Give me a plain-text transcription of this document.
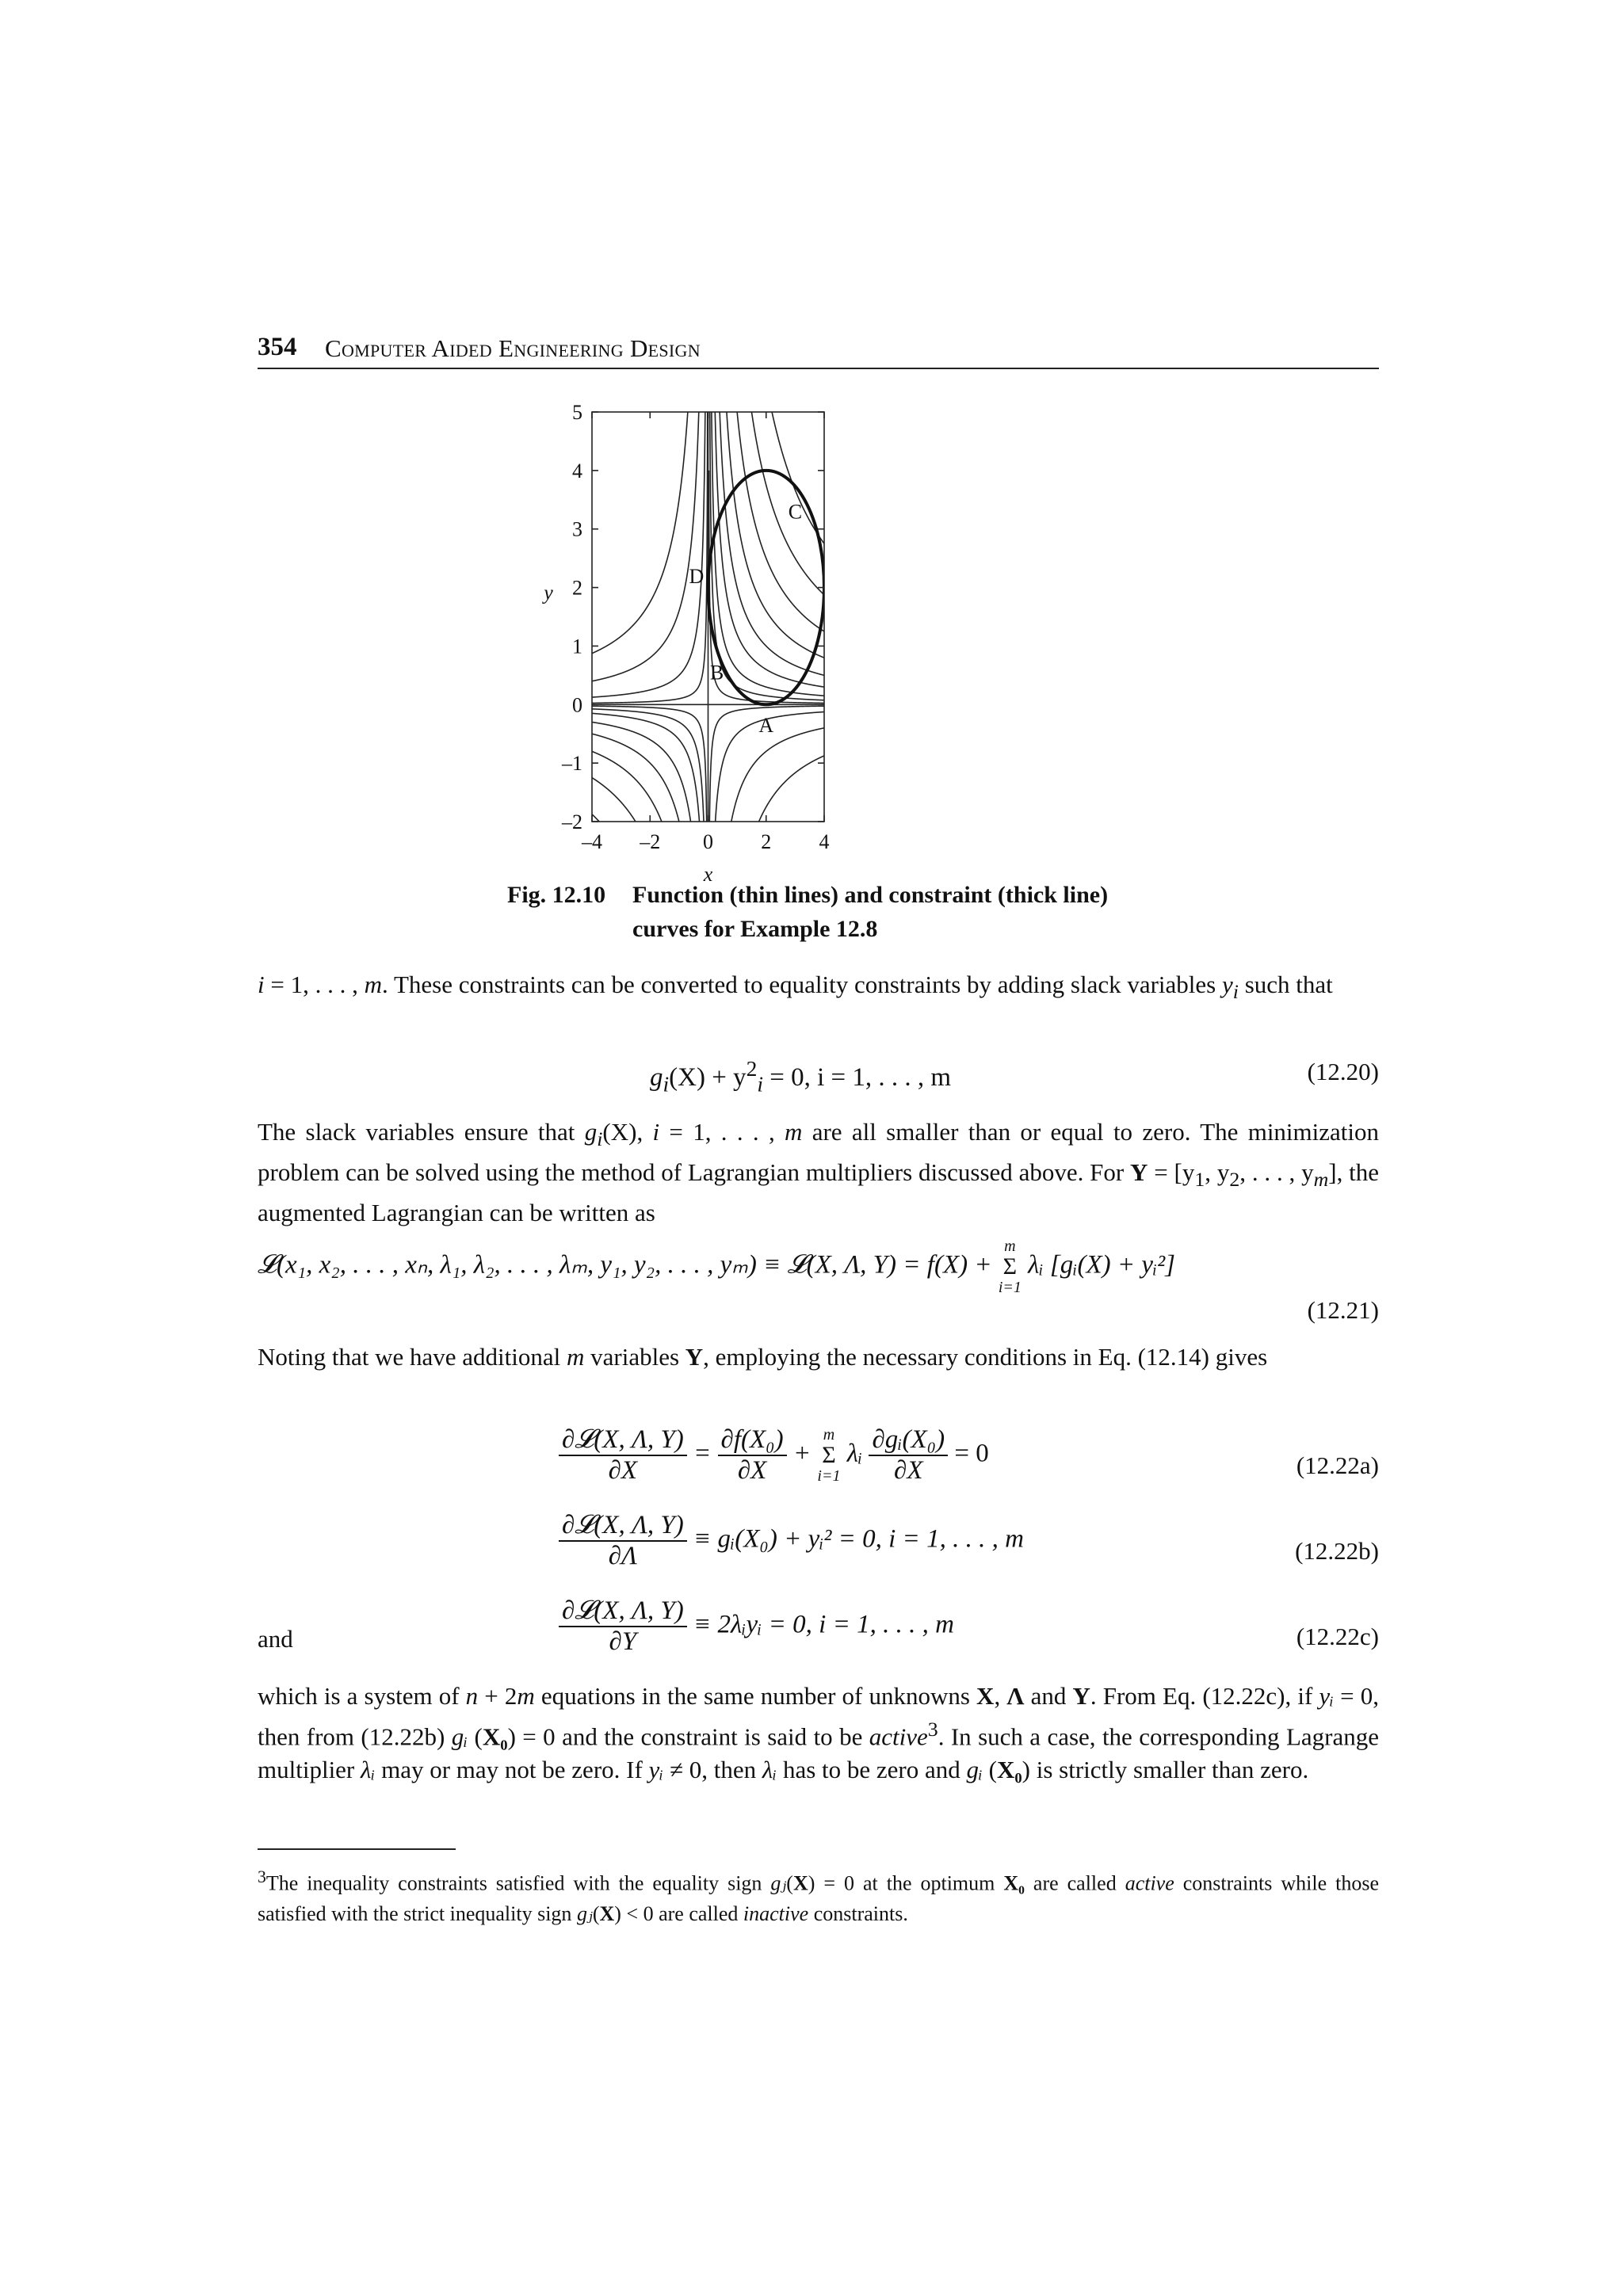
354 Computer Aided Engineering Design
5
4
3
2
1
0
–1
–2
–4 –2 0 2 4
x
y
C
D
B
A
Fig. 12.10 Function (thin lines) and constraint (thick line)
curves for Example 12.8
i = 1, . . . , m. These constraints can be converted to equality constraints by adding slack variables $y_i$ such that
$g_i(X) + y^2_i = 0$, i = 1, . . . , m	(12.20)
The slack variables ensure that $g_i(X)$, i = 1, . . . , m are all smaller than or equal to zero. The minimization problem can be solved using the method of Lagrangian multipliers discussed above. For $Y = [y_1$, $y_2$, . . . , $y_m$], the augmented Lagrangian can be written as
𝓛(x₁, x₂, . . . , xₙ, λ₁, λ₂, . . . , λₘ, y₁, y₂, . . . , yₘ) ≡ 𝓛(X, Λ, Y) = f(X) +
m
Σ
i=1
λᵢ [gᵢ(X) + yᵢ²]
(12.21)
Noting that we have additional m variables Y, employing the necessary conditions in Eq. (12.14) gives
$\frac{\text{∂𝓛(X, Λ, Y)}}{\partial X} = \frac{\text{∂f(X₀)}}{\partial X}$ +
m
Σ
i=1
λᵢ $\frac{\text{∂gᵢ(X₀)}}{\partial X} = 0$	(12.22a)
$\frac{\text{∂𝓛(X, Λ, Y)}}{\partial\Lambda}$ ≡ gᵢ(X₀) + yᵢ² = 0, i = 1, . . . , m	(12.22b)
and	$\frac{\text{∂𝓛(X, Λ, Y)}}{\partial Y}$ ≡ 2λᵢyᵢ = 0, i = 1, . . . , m	(12.22c)
which is a system of n + 2m equations in the same number of unknowns X, Λ and Y. From Eq. (12.22c), if yᵢ = 0, then from (12.22b) gᵢ (X₀) = 0 and the constraint is said to be active$^3$. In such a case, the corresponding Lagrange multiplier λᵢ may or may not be zero. If yᵢ ≠ 0, then λᵢ has to be zero and gᵢ (X₀) is strictly smaller than zero.
$^3$The inequality constraints satisfied with the equality sign gⱼ(X) = 0 at the optimum X₀ are called active constraints while those satisfied with the strict inequality sign gⱼ(X) < 0 are called inactive constraints.
